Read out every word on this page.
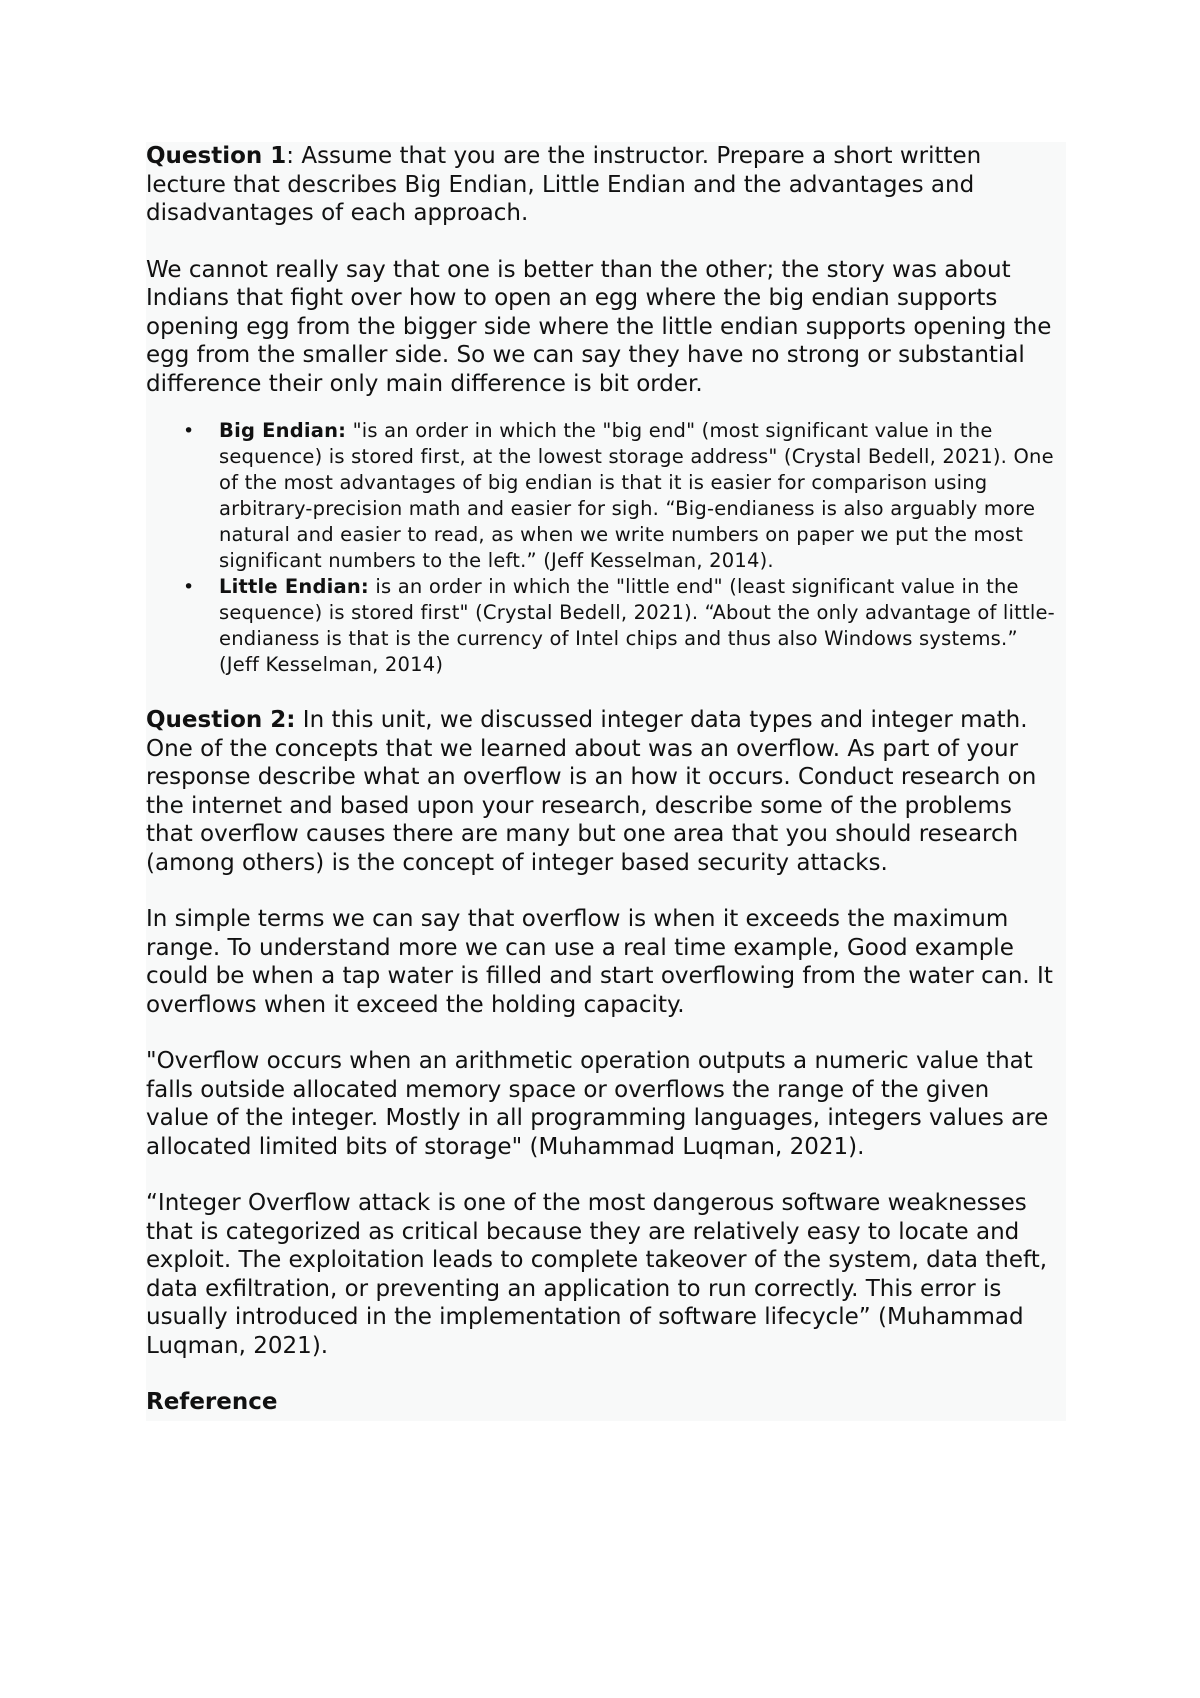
Question 1: Assume that you are the instructor. Prepare a short written lecture that describes Big Endian, Little Endian and the advantages and disadvantages of each approach.

We cannot really say that one is better than the other; the story was about Indians that fight over how to open an egg where the big endian supports opening egg from the bigger side where the little endian supports opening the egg from the smaller side. So we can say they have no strong or substantial difference their only main difference is bit order.

• Big Endian: "is an order in which the "big end" (most significant value in the sequence) is stored first, at the lowest storage address" (Crystal Bedell, 2021). One of the most advantages of big endian is that it is easier for comparison using arbitrary-precision math and easier for sigh. “Big-endianess is also arguably more natural and easier to read, as when we write numbers on paper we put the most significant numbers to the left.” (Jeff Kesselman, 2014).
• Little Endian: is an order in which the "little end" (least significant value in the sequence) is stored first" (Crystal Bedell, 2021). “About the only advantage of little-endianess is that is the currency of Intel chips and thus also Windows systems.” (Jeff Kesselman, 2014)

Question 2: In this unit, we discussed integer data types and integer math. One of the concepts that we learned about was an overflow. As part of your response describe what an overflow is an how it occurs. Conduct research on the internet and based upon your research, describe some of the problems that overflow causes there are many but one area that you should research (among others) is the concept of integer based security attacks.

In simple terms we can say that overflow is when it exceeds the maximum range. To understand more we can use a real time example, Good example could be when a tap water is filled and start overflowing from the water can. It overflows when it exceed the holding capacity.

"Overflow occurs when an arithmetic operation outputs a numeric value that falls outside allocated memory space or overflows the range of the given value of the integer. Mostly in all programming languages, integers values are allocated limited bits of storage" (Muhammad Luqman, 2021).

“Integer Overflow attack is one of the most dangerous software weaknesses that is categorized as critical because they are relatively easy to locate and exploit. The exploitation leads to complete takeover of the system, data theft, data exfiltration, or preventing an application to run correctly. This error is usually introduced in the implementation of software lifecycle” (Muhammad Luqman, 2021).

Reference
